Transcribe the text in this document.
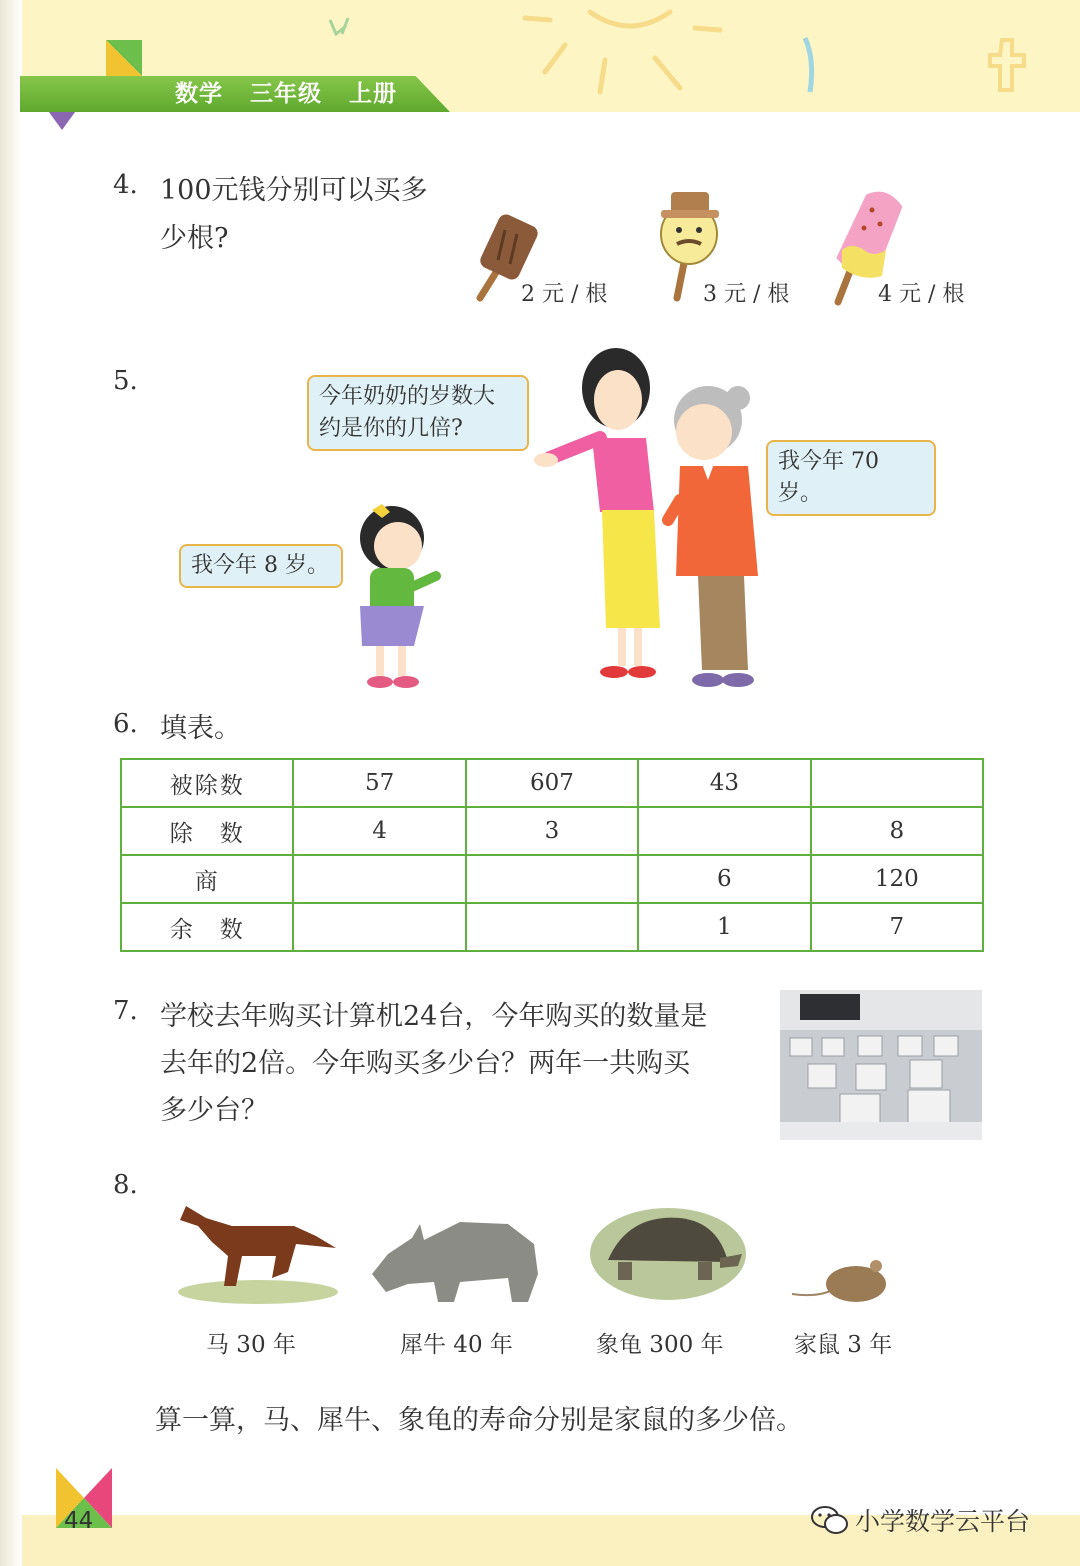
数学   三年级   上册
4. 100元钱分别可以买多
少根?
2 元 / 根	3 元 / 根	4 元 / 根
5.
今年奶奶的岁数大
约是你的几倍?
我今年 70 岁。
我今年 8 岁。
6. 填表。
被除数	57	607	43	
除　数	4	3		8
商			6	120
余　数			1	7
7. 学校去年购买计算机24台，今年购买的数量是
去年的2倍。今年购买多少台？两年一共购买
多少台？
8.
马 30 年	犀牛 40 年	象龟 300 年	家鼠 3 年
算一算，马、犀牛、象龟的寿命分别是家鼠的多少倍。
44	小学数学云平台
